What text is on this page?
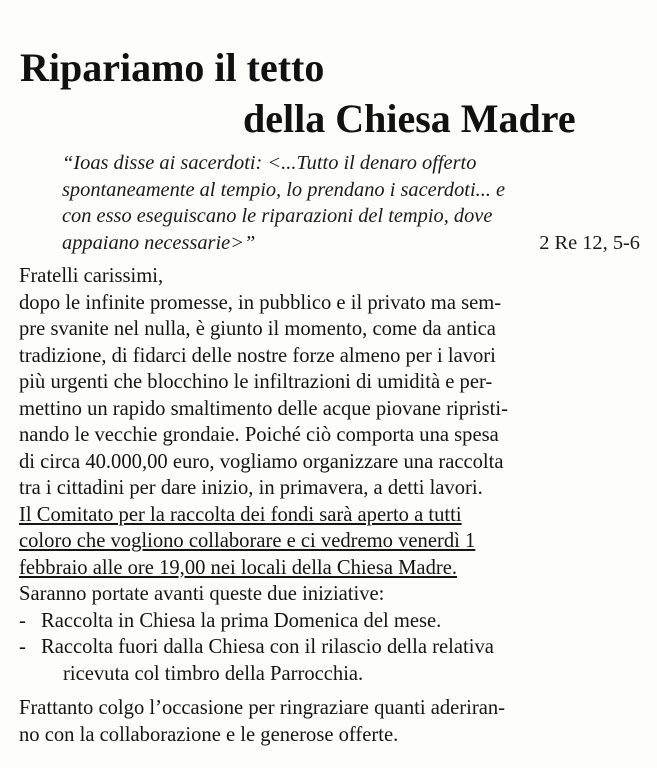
Ripariamo il tetto
della Chiesa Madre
“Ioas disse ai sacerdoti: <...Tutto il denaro offerto
spontaneamente al tempio, lo prendano i sacerdoti... e
con esso eseguiscano le riparazioni del tempio, dove
appaiano necessarie>”	2 Re 12, 5-6
Fratelli carissimi,
dopo le infinite promesse, in pubblico e il privato ma sem-
pre svanite nel nulla, è giunto il momento, come da antica
tradizione, di fidarci delle nostre forze almeno per i lavori
più urgenti che blocchino le infiltrazioni di umidità e per-
mettino un rapido smaltimento delle acque piovane ripristi-
nando le vecchie grondaie. Poiché ciò comporta una spesa
di circa 40.000,00 euro, vogliamo organizzare una raccolta
tra i cittadini per dare inizio, in primavera, a detti lavori.
Il Comitato per la raccolta dei fondi sarà aperto a tutti
coloro che vogliono collaborare e ci vedremo venerdì 1
febbraio alle ore 19,00 nei locali della Chiesa Madre.
Saranno portate avanti queste due iniziative:
- Raccolta in Chiesa la prima Domenica del mese.
- Raccolta fuori dalla Chiesa con il rilascio della relativa
ricevuta col timbro della Parrocchia.
Frattanto colgo l’occasione per ringraziare quanti aderiran-
no con la collaborazione e le generose offerte.
